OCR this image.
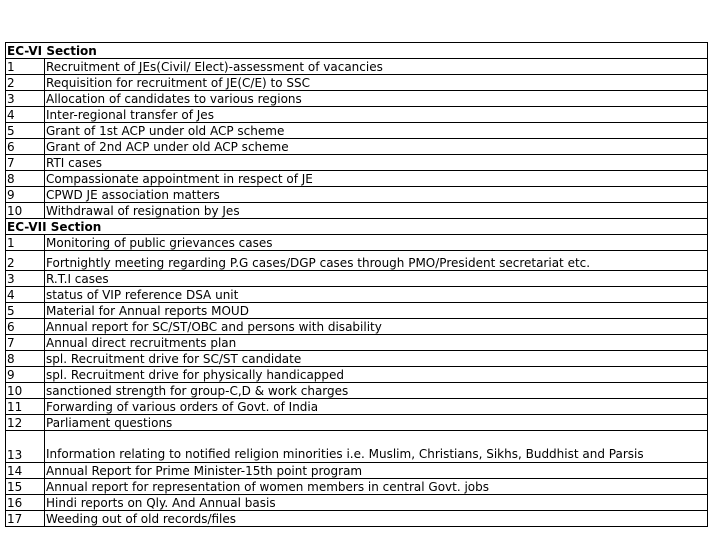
EC-VI Section	
1	Recruitment of JEs(Civil/ Elect)-assessment of vacancies
2	Requisition for recruitment of JE(C/E) to SSC
3	Allocation of candidates to various regions
4	Inter-regional transfer of Jes
5	Grant of 1st ACP under old ACP scheme
6	Grant of 2nd ACP under old ACP scheme
7	RTI cases
8	Compassionate appointment in respect of JE
9	CPWD JE association matters
10	Withdrawal of resignation by Jes
EC-VII Section	
1	Monitoring of public grievances cases
2	Fortnightly meeting regarding P.G cases/DGP cases through PMO/President secretariat etc.
3	R.T.I cases
4	status of VIP reference DSA unit
5	Material for Annual reports MOUD
6	Annual report for SC/ST/OBC and persons with disability
7	Annual direct recruitments plan
8	spl. Recruitment drive for SC/ST candidate
9	spl. Recruitment drive for physically handicapped
10	sanctioned strength for group-C,D & work charges
11	Forwarding of various orders of Govt. of India
12	Parliament questions
13	Information relating to notified religion minorities i.e. Muslim, Christians, Sikhs, Buddhist and Parsis
14	Annual Report for Prime Minister-15th point program
15	Annual report for representation of women members in central Govt. jobs
16	Hindi reports on Qly. And Annual basis
17	Weeding out of old records/files
